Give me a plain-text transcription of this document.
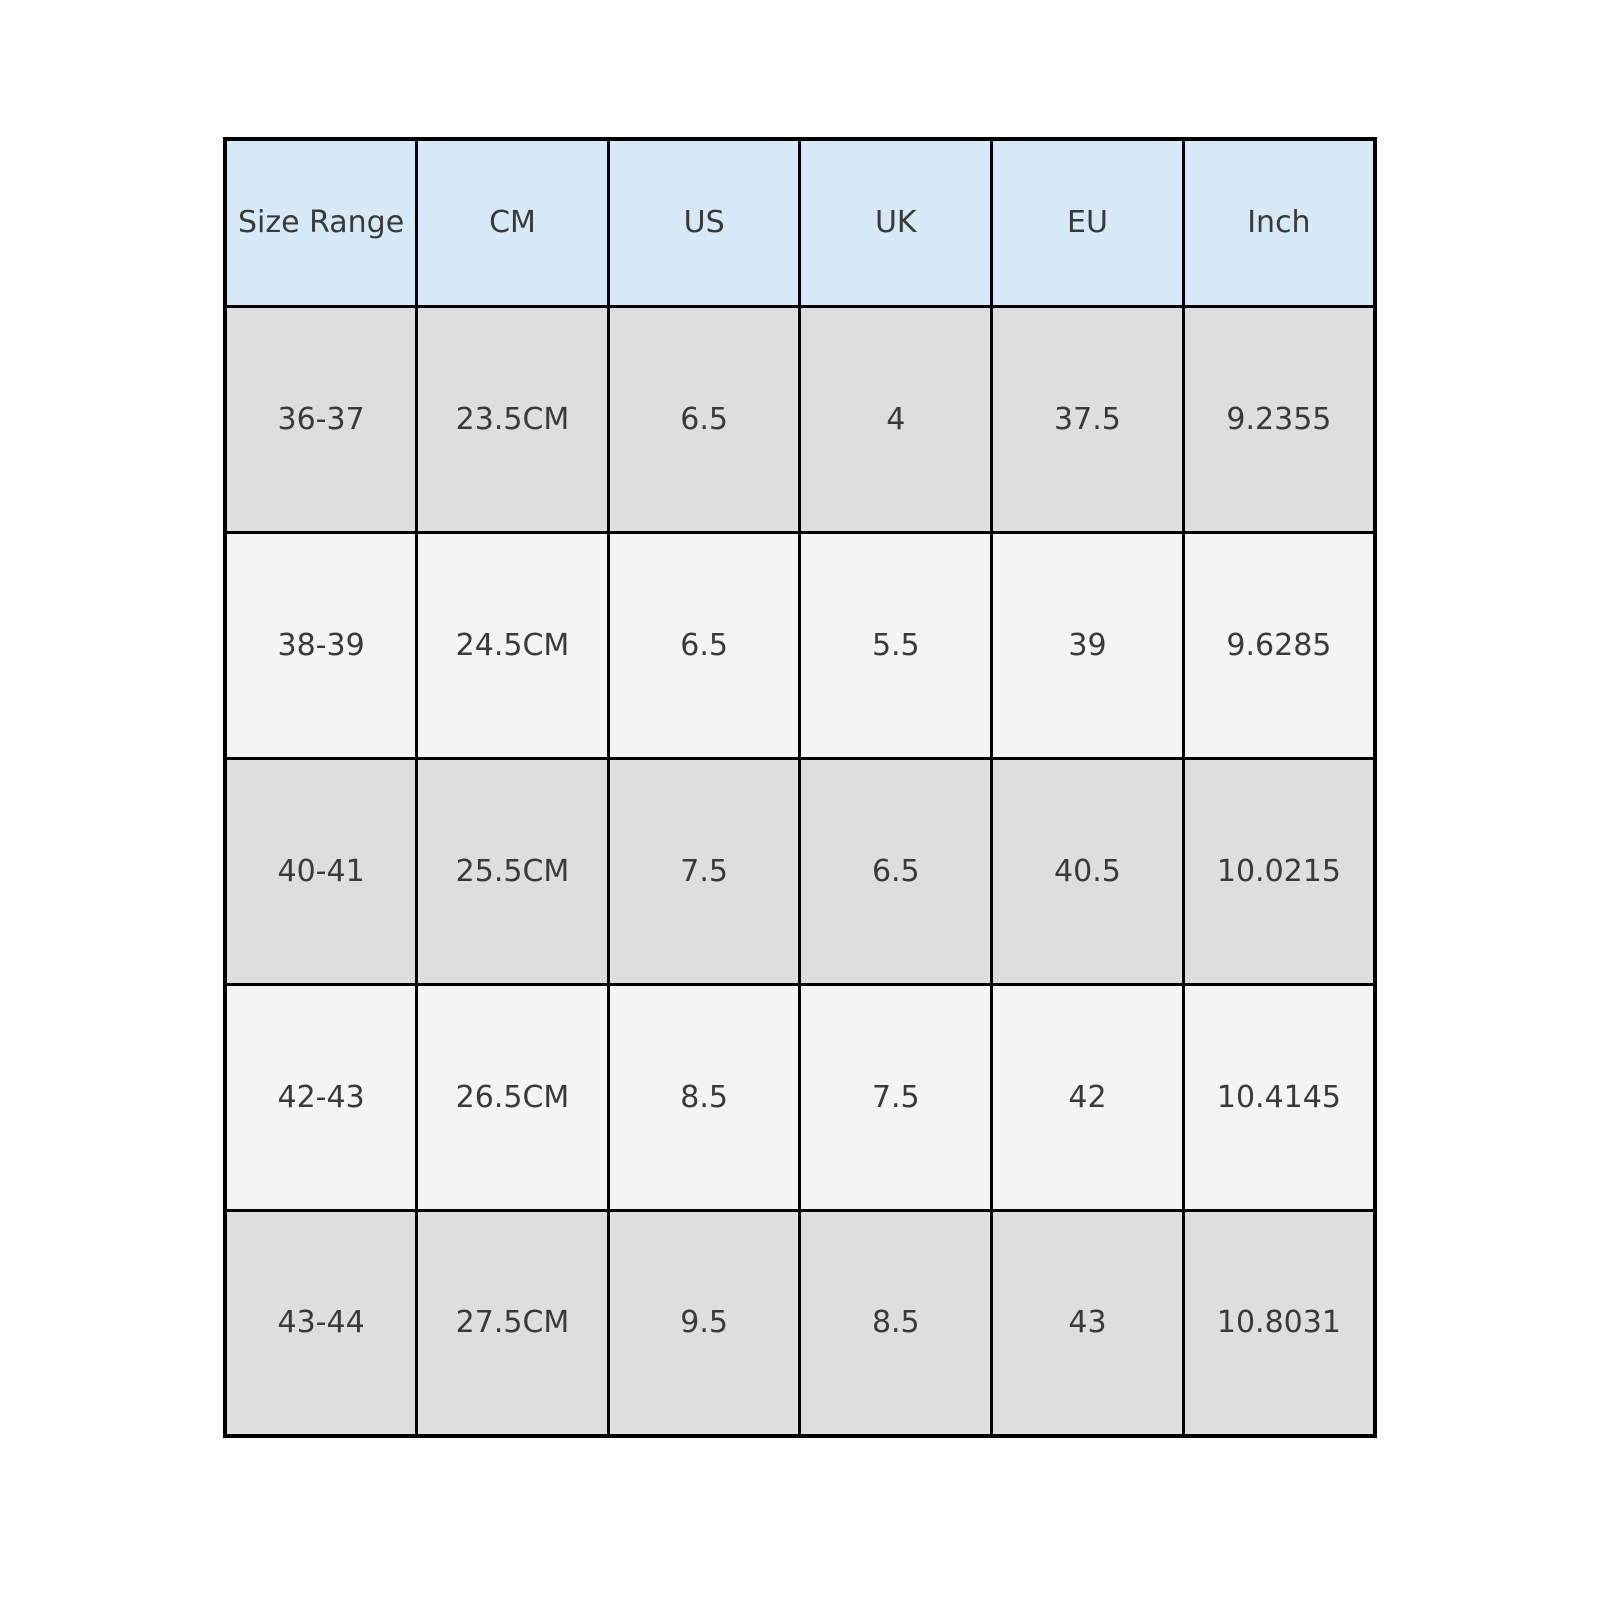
Size Range	CM	US	UK	EU	Inch
36-37	23.5CM	6.5	4	37.5	9.2355
38-39	24.5CM	6.5	5.5	39	9.6285
40-41	25.5CM	7.5	6.5	40.5	10.0215
42-43	26.5CM	8.5	7.5	42	10.4145
43-44	27.5CM	9.5	8.5	43	10.8031
